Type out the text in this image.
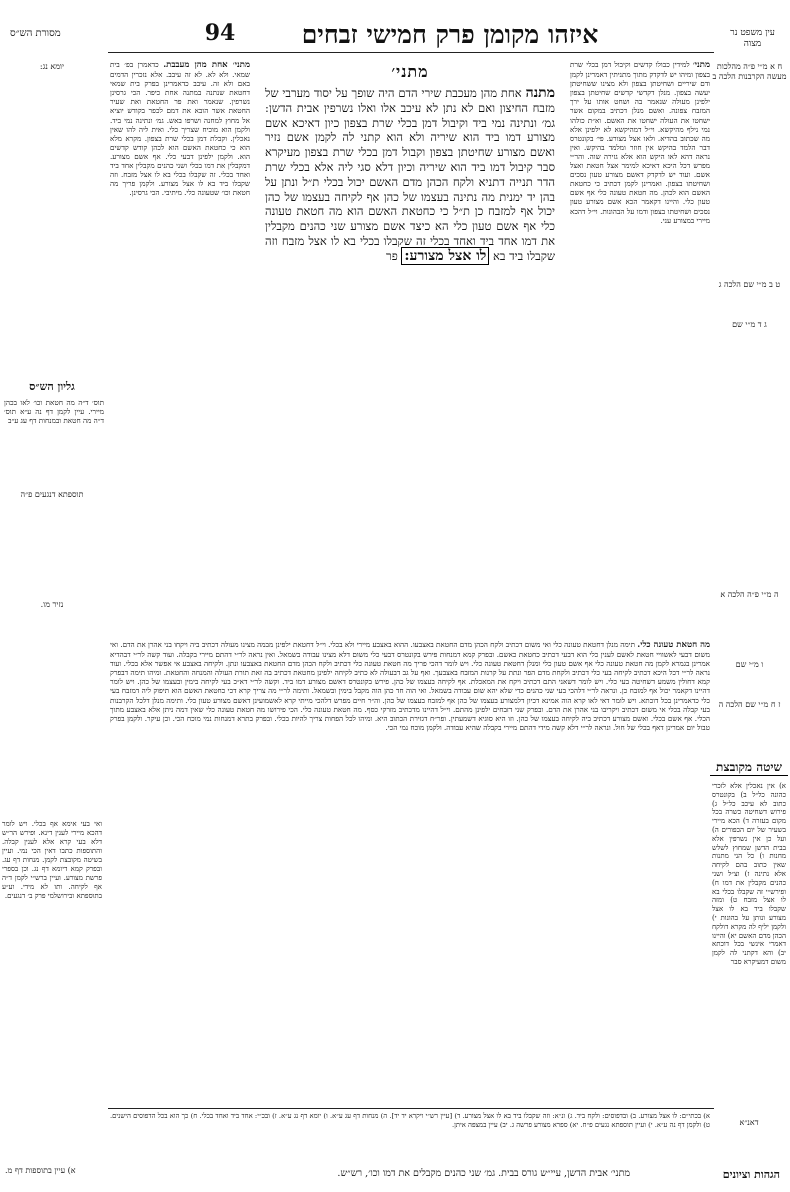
איזהו מקומן פרק חמישי זבחים
94	עין משפט נר מצוה
מסורת הש״ס
ח א מ״י פ״ה מהלכות מעשה הקרבנות הלכה ב
יומא נג:
ט ב מ״י שם הלכה ג
ג ד מ״י שם
תוספתא דנגעים פ״ה
נזיר מו.
ה מ״י פ״ה הלכה א
ו מ״י שם
ז ח מ״י שם הלכה ה
גליון הש״ס
תוס׳ ד״ה מה חטאת וכו׳ לאו בכהן מיירי. עיין לקמן דף נה ע״א תוס׳ ד״ה מה חטאת ובמנחות דף עג ע״ב

מתני׳ למידין כבולו קדשים וקיבול דמן בכלי שרת בצפון ומיהו יש לדקדק מתוך מתניתין דאמרינן לקמן ודם שיריים ושחיטתן בצפון ולא מצינו ששחיטתן יעשה בצפון. מנלן דקדשי קדשים שחיטתן בצפון ילפינן מעולה שנאמר בה ושחט אותו על ירך המזבח צפונה. ואשם מנלן דכתיב במקום אשר ישחטו את העולה ישחטו את האשם. וא״ת כולהו נמי נילף מהיקשא. וי״ל דמהיקשא לא ילפינן אלא מה שכתוב בהדיא. ולאו אצל מצורע. פי׳ בקונטרס דבר הלמד בהיקש אין חוזר ומלמד בהיקש. ואין נראה דהא לאו היקש הוא אלא גזירה שוה. והר״י מפרש דכל היכא דאיכא למימר אצל חטאת ואצל אשם. ועוד יש לדקדק דאשם מצורע טעון נסכים ושחיטתו בצפון. ואמרינן לקמן דכתיב כי כחטאת האשם הוא לכהן. מה חטאת טעונה כלי אף אשם טעון כלי. והיינו דקאמר הכא אשם מצורע טעון נסכים ושחיטתו בצפון ודמו על הבהונות. וי״ל דהכא מיירי במצורע עני.

מתני׳ אחת מהן מעבבת. כדאמרן בפ׳ בית שמאי. ולא לא. לא זה עיבב. אלא נזכרין הדמים באם ולא זה. עיבב כדאמרינן בפרק בית שמאי דחטאת שנתנה במתנה אחת כיפר. הכי גרסינן נשרפין. שנאמר ואת פר החטאת ואת שעיר החטאת אשר הובא את דמם לכפר בקודש יוציא אל מחוץ למחנה ושרפו באש. גמ׳ ונתינה נמי ביד. ולקמן הוא מוכיח שצריך כלי. ואית ליה להו שאין נאכלין. וקבלת דמן בכלי שרת בצפון. מקרא מלא הוא כי כחטאת האשם הוא לכהן קודש קדשים הוא. ולקמן ילפינן דבעי כלי. אף אשם מצורע. דמקבלין את דמו בכלי ושני כהנים מקבלין אחד ביד ואחד בכלי. זה שקבלו בכלי בא לו אצל מזבח. וזה שקבלו ביד בא לו אצל מצורע. ולקמן פריך מה חטאת וכו׳ שטעונה כלי. מיתיבי. הכי גרסינן.

מתני׳
מתנה אחת מהן מעכבת שירי הדם היה שופך על יסוד מערבי של מזבח החיצון ואם לא נתן לא עיכב אלו ואלו נשרפין אבית הדשן: גמ׳ ונתינה נמי ביד וקיבול דמן בכלי שרת בצפון כיון דאיכא אשם מצורע דמו ביד הוא שיריה ולא הוא קתני לה לקמן אשם נזיר ואשם מצורע שחיטתן בצפון וקבול דמן בכלי שרת בצפון מעיקרא סבר קיבול דמו ביד הוא שיריה וכיון דלא סגי ליה אלא בכלי שרת הדר תנייה דתניא ולקח הכהן מדם האשם יכול בכלי ת״ל ונתן על בהן יד ימנית מה נתינה בעצמו של כהן אף לקיחה בעצמו של כהן יכול אף למזבח כן ת״ל כי כחטאת האשם הוא מה חטאת טעונה כלי אף אשם טעון כלי הא כיצד אשם מצורע שני כהנים מקבלין את דמו אחד ביד ואחד בכלי זה שקבלו בכלי בא לו אצל מזבח וזה שקבלו ביד בא לו אצל מצורע: פר

מה חטאת טעונה כלי. תימה מנלן דחטאת טעונה כלי ואי משום דכתיב ולקח הכהן מדם החטאת באצבעו. ההוא באצבע מיירי ולא בכלי. וי״ל דחטאת ילפינן מבמה מצינו מעולה דכתיב ביה ויקחו בני אהרן את הדם. ואי משום דבעי לאשוויי חטאת לאשם לענין כלי הוא דבעי דכתיב כחטאת כאשם. ובפרק קמא דמנחות פירש בקונטרס דבעי כלי משום דלא מצינו עבודה בשמאל. ואין נראה לר״י דהתם מיירי בקבלה. ועוד קשה לר״י דבהדיא אמרינן בגמרא לקמן מה חטאת טעונה כלי אף אשם טעון כלי ומנלן דחטאת טעונה כלי. ויש לומר דהכי פריך מה חטאת טעונה כלי דכתיב ולקח הכהן מדם החטאת באצבעו ונתן. ולקיחה באצבע אי אפשר אלא בכלי. ועוד נראה לר״י דכל היכא דכתיב לקיחה בעי כלי דכתיב ולקחת מדם הפר ונתת על קרנות המזבח באצבעך. ואף על גב דבעולה לא כתיב לקיחה ילפינן מחטאת דכתיב בה זאת תורת העולה והמנחה והחטאת. ומיהו תימה דבפרק קמא דחולין משמע דשחיטה בעי כלי. ויש לומר דשאני התם דכתיב ויקח את המאכלת. אף לקיחה בעצמו של כהן. פירש בקונטרס דאשם מצורע דמו ביד. וקשה לר״י דא״כ בעי לקיחה בימין ובעצמו של כהן. ויש לומר דהיינו דקאמר יכול אף למזבח כן. ונראה לר״י דלהכי בעי שני כהנים כדי שלא יהא שום עבודה בשמאל. ואי הוה חד כהן הוה מקבל בימין ובשמאל. ותימה לר״י מה צריך קרא דכי כחטאת האשם הוא תיפוק ליה דמזבח בעי כלי כדאמרינן בכל דוכתא. ויש לומר דאי לאו קרא הוה אמינא דכיון דלמצורע בעצמו של כהן אף למזבח בעצמו של כהן. וה״ר חיים מפרש דלהכי מייתי קרא לאשמועינן דאשם מצורע טעון כלי. ותימה מנלן דלכל הקרבנות בעי קבלה בכלי אי משום דכתיב ויקריבו בני אהרן את הדם. ובפרק שני דזבחים ילפינן מהתם. וי״ל דהיינו מדכתיב מזרקי כסף. מה חטאת טעונה כלי. הכי פירושו מה חטאת טעונה כלי שאין דמה ניתן אלא באצבע מתוך הכלי. אף אשם בכלי. ואשם מצורע דכתיב ביה לקיחה בעצמו של כהן. וזו היא סוגיא דשמעתין. ופר״ח דגזירת הכתוב היא. ומיהו לכל הפחות צריך להיות בכלי. ובפרק בתרא דמנחות נמי מוכח הכי. וכן עיקר. ולקמן בפרק טבול יום אמרינן דאף בכלי של חול. ונראה לר״י דלא קשה מידי דהתם מיירי בקבלה שהיא עבודה. ולקמן מוכח נמי הכי.

שיטה מקובצת
א) אין נאכלין אלא לזכרי כהונה כל״ל ב) בקונטרס כתוב לא עיכב כל״ל ג) פירוש דשחיטה כשרה בכל מקום בעזרה ד) הכא מיירי בשעיר של יום הכפורים ה) ועל כן אין נשרפין אלא בבית הדשן שמחוץ לשלש מחנות ו) כל הני מתנות שאין כתוב בהם לקיחה אלא נתינה ז) וצ״ל ושני כהנים מקבלין את דמו ח) ופירש״י זה שקבלו בכלי בא לו אצל מזבח ט) ומזה שקבלו ביד בא לו אצל מצורע ונותן על בהונות י) ולקמן יליף לה מקרא דולקח הכהן מדם האשם יא) והיינו דאמרי אינשי בכל דוכתא יב) והא דקתני לה לקמן משום דמעיקרא סבר
דאנ״א
ואי בעי אימא אף בכלי. ויש לומר דהכא מיירי לענין דינא. ופירש הר״ש דלא בעי קרא אלא לענין קבלה. והתוספות כתבו דאין הכי נמי. ועיין בשיטה מקובצת לקמן. מנחות דף עג. ובפרק קמא דיומא דף נג. וכן בספרי פרשת מצורע. ועיין ברש״י לקמן ד״ה אף לקיחה. ותו לא מידי. וע״ע בתוספתא ובירושלמי פרק ב׳ דנגעים.
א) בכתי״ם: לו אצל מצורע. ב) ובדפוסים: ולקח ביד. ג) ונ״א: וזה שקבלו ביד בא לו אצל מצורע. ד) [עיין רש״י ויקרא יד יד]. ה) מנחות דף עג ע״א. ו) יומא דף נג ע״א. ז) ובכ״י: אחד ביד ואחד בכלי. ח) כך הוא בכל הדפוסים הישנים. ט) ולקמן דף נה ע״א. י) ועיין תוספתא נגעים פ״ח. יא) ספרא מצורע פרשה ג. יב) עיין במצפה איתן.
הגהות וציונים
מתני׳ אבית הדשן, עיי״ש גורס בבית. גמ׳ שני כהנים מקבלים את דמו וכו׳, רש״ש.
א) עיין בתוספות דף מ.
